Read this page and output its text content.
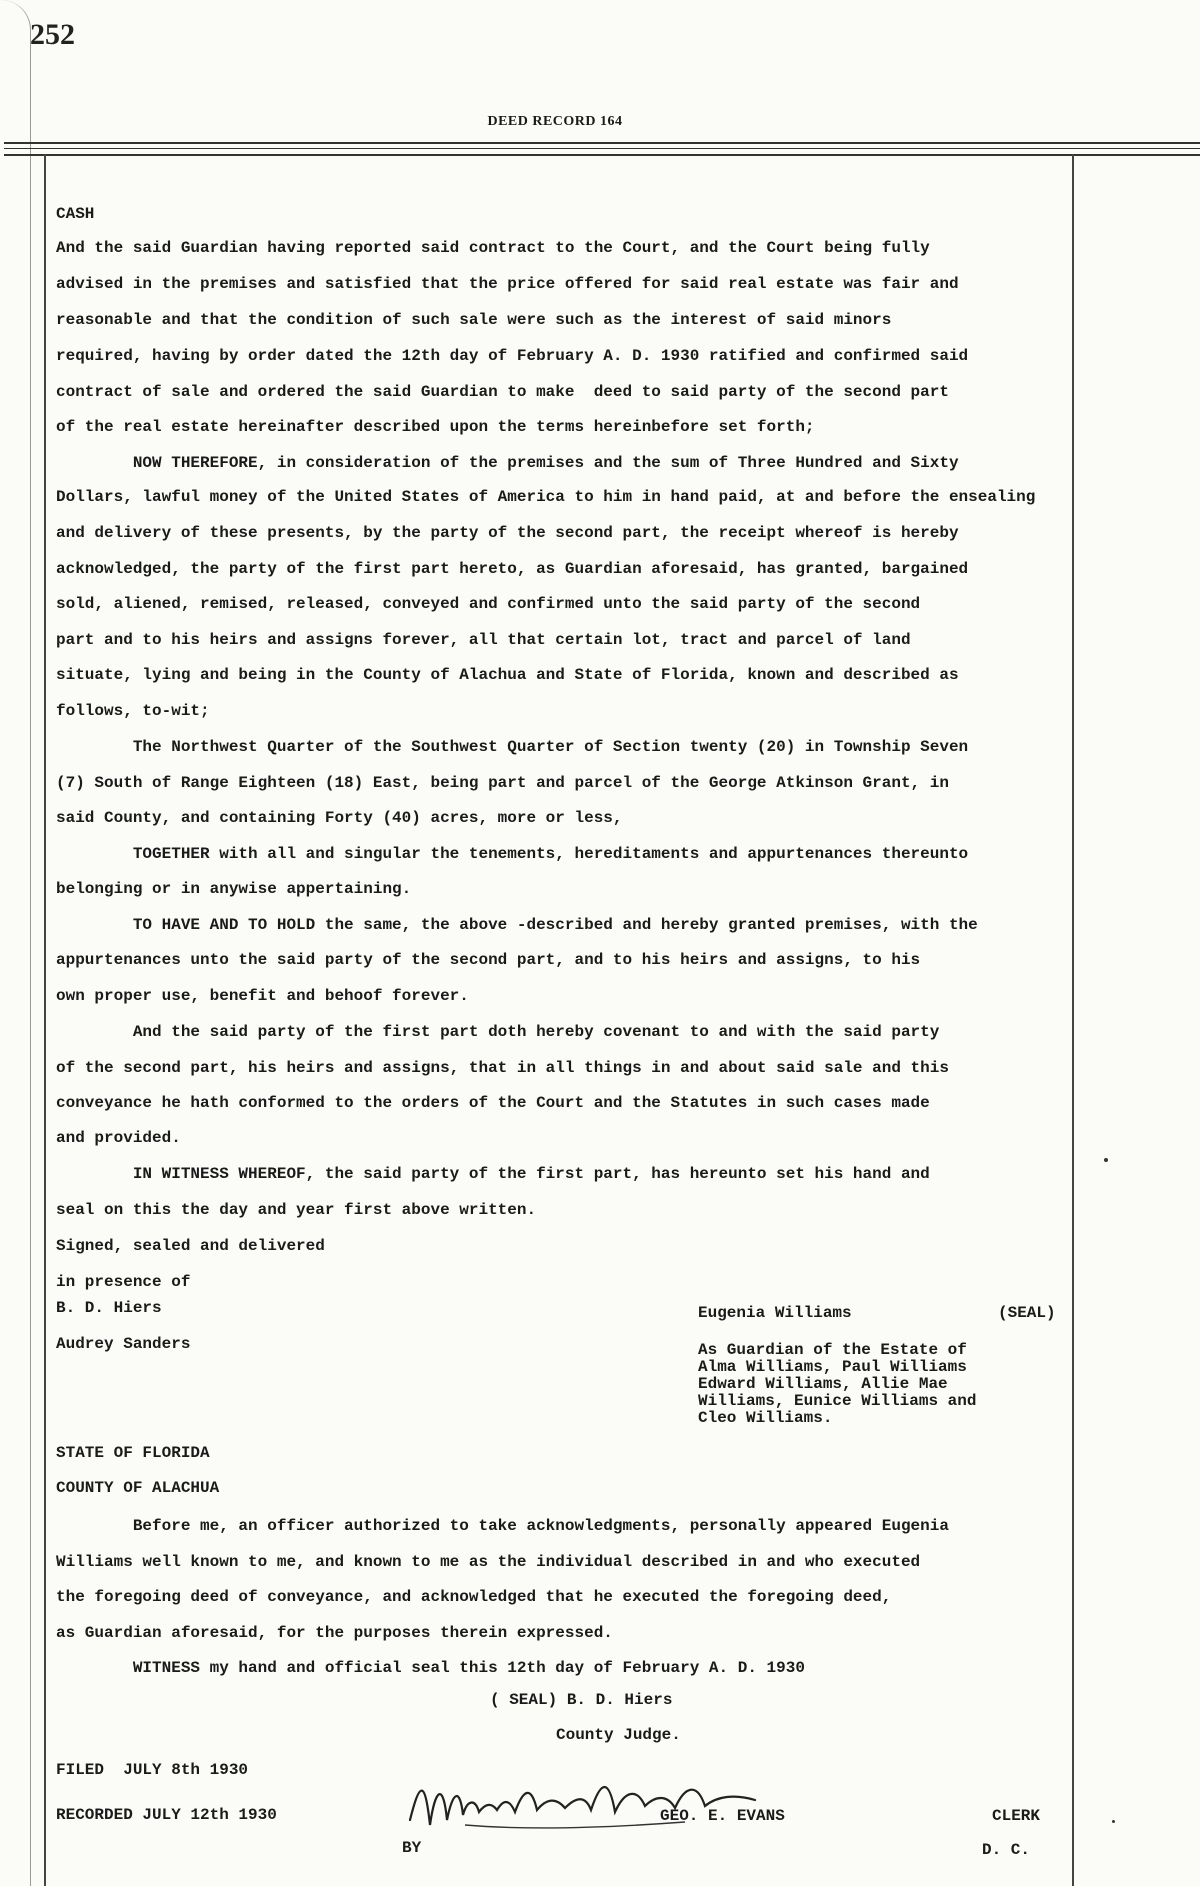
252
DEED RECORD 164
CASH
And the said Guardian having reported said contract to the Court, and the Court being fully
advised in the premises and satisfied that the price offered for said real estate was fair and
reasonable and that the condition of such sale were such as the interest of said minors
required, having by order dated the 12th day of February A. D. 1930 ratified and confirmed said
contract of sale and ordered the said Guardian to make  deed to said party of the second part
of the real estate hereinafter described upon the terms hereinbefore set forth;
NOW THEREFORE, in consideration of the premises and the sum of Three Hundred and Sixty
Dollars, lawful money of the United States of America to him in hand paid, at and before the ensealing
and delivery of these presents, by the party of the second part, the receipt whereof is hereby
acknowledged, the party of the first part hereto, as Guardian aforesaid, has granted, bargained
sold, aliened, remised, released, conveyed and confirmed unto the said party of the second
part and to his heirs and assigns forever, all that certain lot, tract and parcel of land
situate, lying and being in the County of Alachua and State of Florida, known and described as
follows, to-wit;
The Northwest Quarter of the Southwest Quarter of Section twenty (20) in Township Seven
(7) South of Range Eighteen (18) East, being part and parcel of the George Atkinson Grant, in
said County, and containing Forty (40) acres, more or less,
TOGETHER with all and singular the tenements, hereditaments and appurtenances thereunto
belonging or in anywise appertaining.
TO HAVE AND TO HOLD the same, the above -described and hereby granted premises, with the
appurtenances unto the said party of the second part, and to his heirs and assigns, to his
own proper use, benefit and behoof forever.
And the said party of the first part doth hereby covenant to and with the said party
of the second part, his heirs and assigns, that in all things in and about said sale and this
conveyance he hath conformed to the orders of the Court and the Statutes in such cases made
and provided.
IN WITNESS WHEREOF, the said party of the first part, has hereunto set his hand and
seal on this the day and year first above written.
Signed, sealed and delivered
in presence of
B. D. Hiers
Audrey Sanders
Eugenia Williams	(SEAL)
As Guardian of the Estate of
Alma Williams, Paul Williams
Edward Williams, Allie Mae
Williams, Eunice Williams and
Cleo Williams.
STATE OF FLORIDA
COUNTY OF ALACHUA
Before me, an officer authorized to take acknowledgments, personally appeared Eugenia
Williams well known to me, and known to me as the individual described in and who executed
the foregoing deed of conveyance, and acknowledged that he executed the foregoing deed,
as Guardian aforesaid, for the purposes therein expressed.
WITNESS my hand and official seal this 12th day of February A. D. 1930
( SEAL) B. D. Hiers
County Judge.
FILED  JULY 8th 1930
RECORDED JULY 12th 1930
BY
GEO. E. EVANS	CLERK
D. C.
